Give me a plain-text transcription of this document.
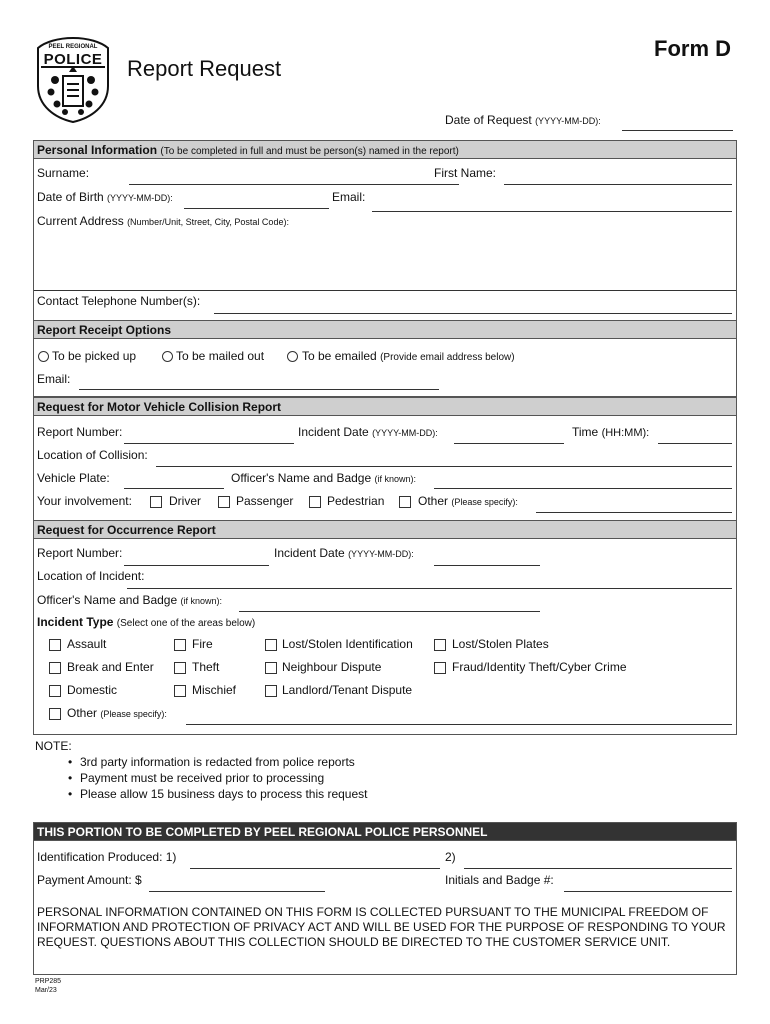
PEEL REGIONAL
POLICE	Report Request
Form D
Date of Request (YYYY-MM-DD):
Personal Information (To be completed in full and must be person(s) named in the report)
Surname:	First Name:
Date of Birth (YYYY-MM-DD):	Email:
Current Address (Number/Unit, Street, City, Postal Code):
Contact Telephone Number(s):
Report Receipt Options
To be picked up	To be mailed out	To be emailed (Provide email address below)
Email:
Request for Motor Vehicle Collision Report
Report Number:	Incident Date (YYYY-MM-DD):	Time (HH:MM):
Location of Collision:
Vehicle Plate:	Officer's Name and Badge (if known):
Your involvement:	Driver	Passenger	Pedestrian	Other (Please specify):
Request for Occurrence Report
Report Number:	Incident Date (YYYY-MM-DD):
Location of Incident:
Officer's Name and Badge (if known):
Incident Type (Select one of the areas below)
Assault	Fire	Lost/Stolen Identification	Lost/Stolen Plates
Break and Enter	Theft	Neighbour Dispute	Fraud/Identity Theft/Cyber Crime
Domestic	Mischief	Landlord/Tenant Dispute
Other (Please specify):
NOTE:
• 3rd party information is redacted from police reports
• Payment must be received prior to processing
• Please allow 15 business days to process this request
THIS PORTION TO BE COMPLETED BY PEEL REGIONAL POLICE PERSONNEL
Identification Produced: 1)	2)
Payment Amount: $	Initials and Badge #:
PERSONAL INFORMATION CONTAINED ON THIS FORM IS COLLECTED PURSUANT TO THE MUNICIPAL FREEDOM OF INFORMATION AND PROTECTION OF PRIVACY ACT AND WILL BE USED FOR THE PURPOSE OF RESPONDING TO YOUR REQUEST. QUESTIONS ABOUT THIS COLLECTION SHOULD BE DIRECTED TO THE CUSTOMER SERVICE UNIT.
PRP285
Mar/23
